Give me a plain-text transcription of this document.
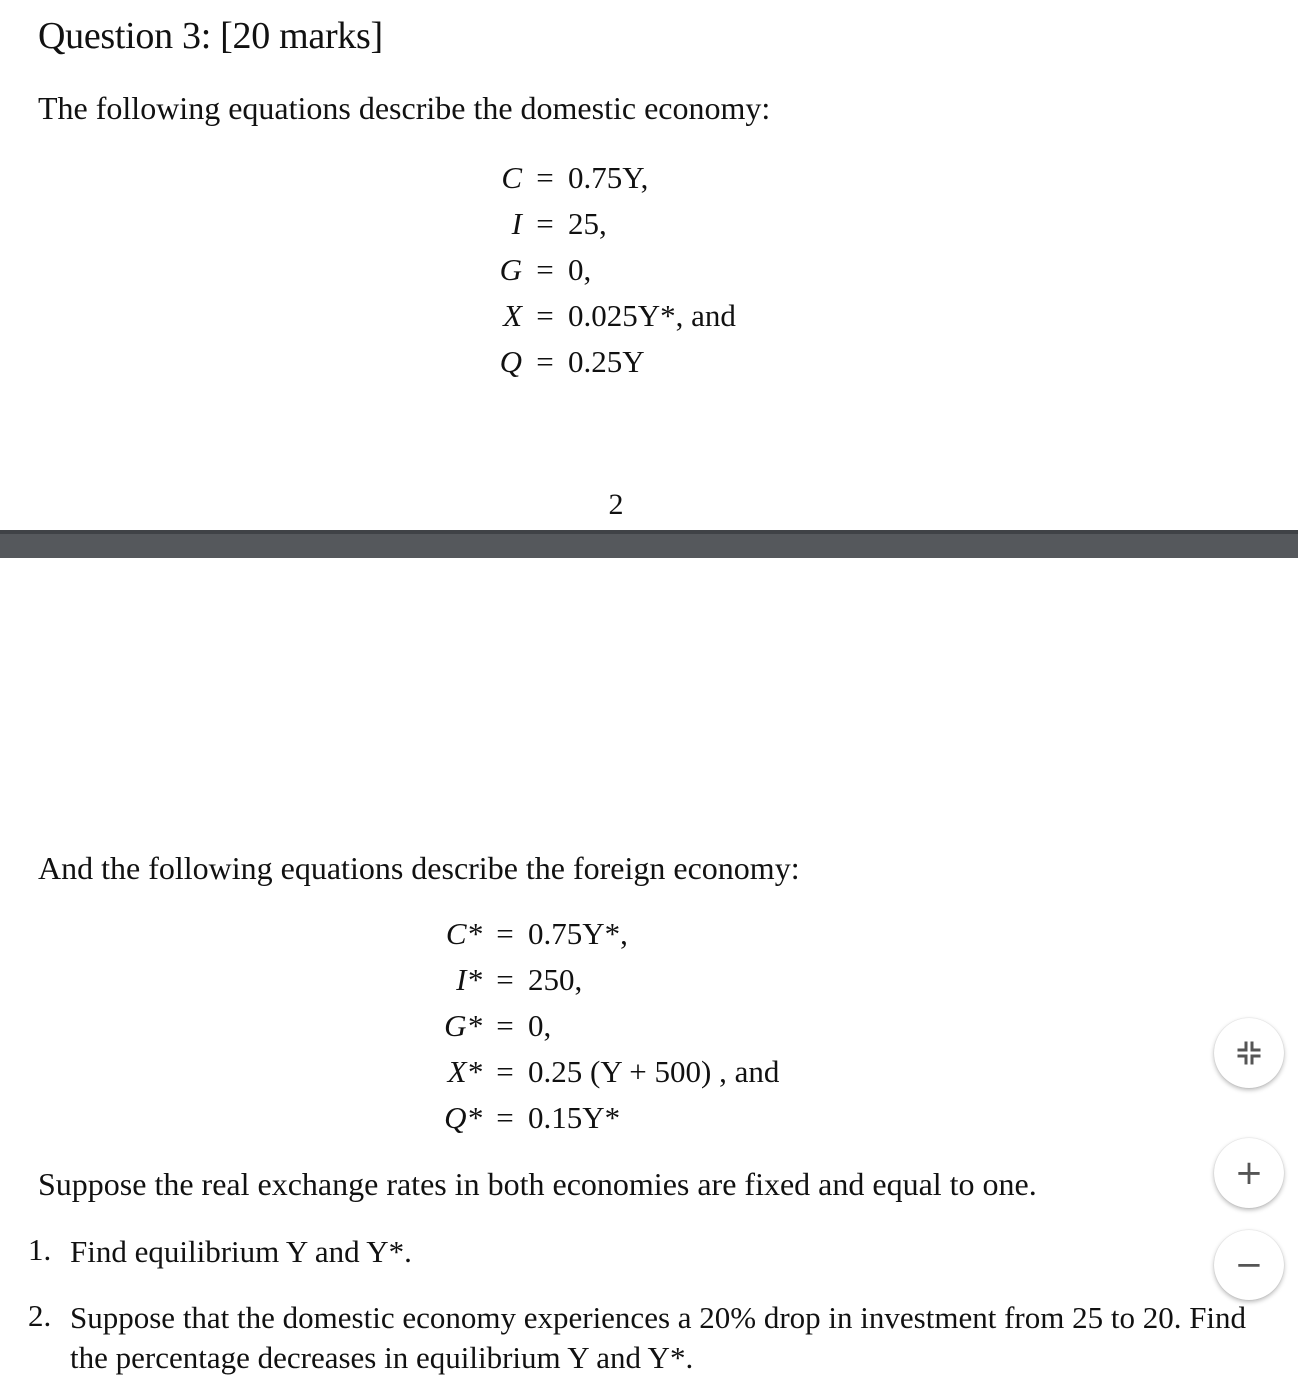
Question 3: [20 marks]
The following equations describe the domestic economy:
C = 0.75Y,
I = 25,
G = 0,
X = 0.025Y*, and
Q = 0.25Y
2
And the following equations describe the foreign economy:
C* = 0.75Y*,
I* = 250,
G* = 0,
X* = 0.25 (Y + 500) , and
Q* = 0.15Y*
Suppose the real exchange rates in both economies are fixed and equal to one.
1. Find equilibrium Y and Y*.
2. Suppose that the domestic economy experiences a 20% drop in investment from 25 to 20. Find the percentage decreases in equilibrium Y and Y*.
+
−
